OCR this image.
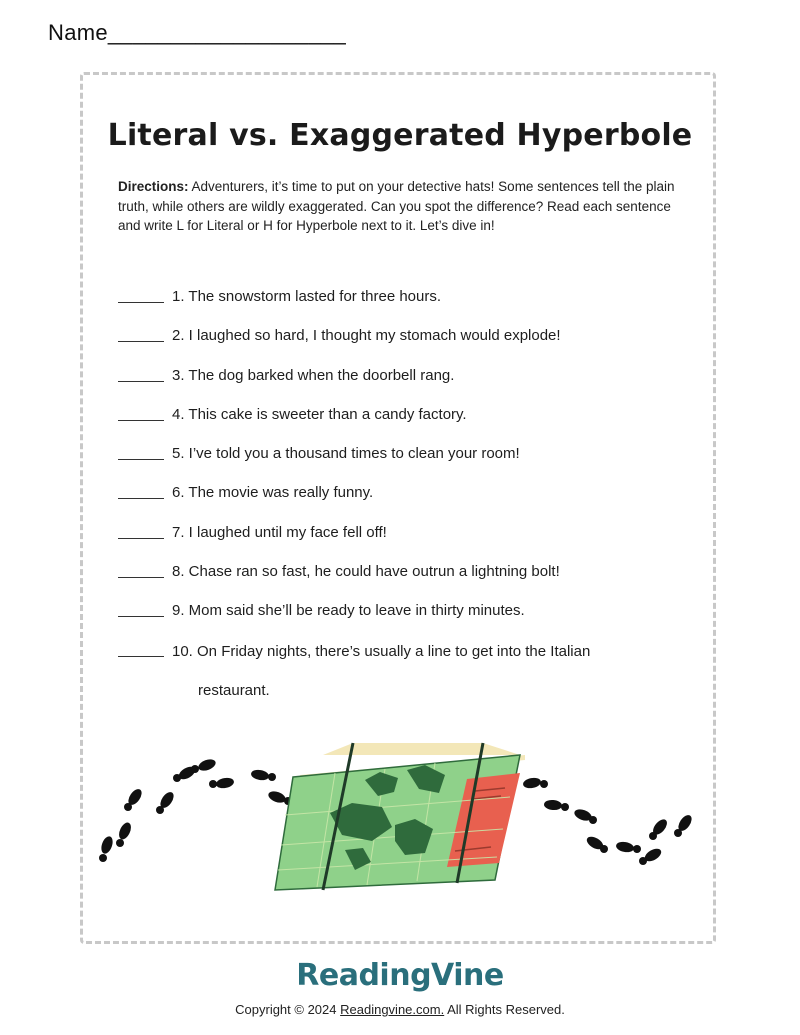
Name___________________
Literal vs. Exaggerated Hyperbole
Directions: Adventurers, it’s time to put on your detective hats! Some sentences tell the plain truth, while others are wildly exaggerated. Can you spot the difference? Read each sentence and write L for Literal or H for Hyperbole next to it. Let’s dive in!
1. The snowstorm lasted for three hours.
2. I laughed so hard, I thought my stomach would explode!
3. The dog barked when the doorbell rang.
4. This cake is sweeter than a candy factory.
5. I’ve told you a thousand times to clean your room!
6. The movie was really funny.
7. I laughed until my face fell off!
8. Chase ran so fast, he could have outrun a lightning bolt!
9. Mom said she’ll be ready to leave in thirty minutes.
10. On Friday nights, there’s usually a line to get into the Italian
restaurant.
ReadingVine
Copyright © 2024 Readingvine.com. All Rights Reserved.
